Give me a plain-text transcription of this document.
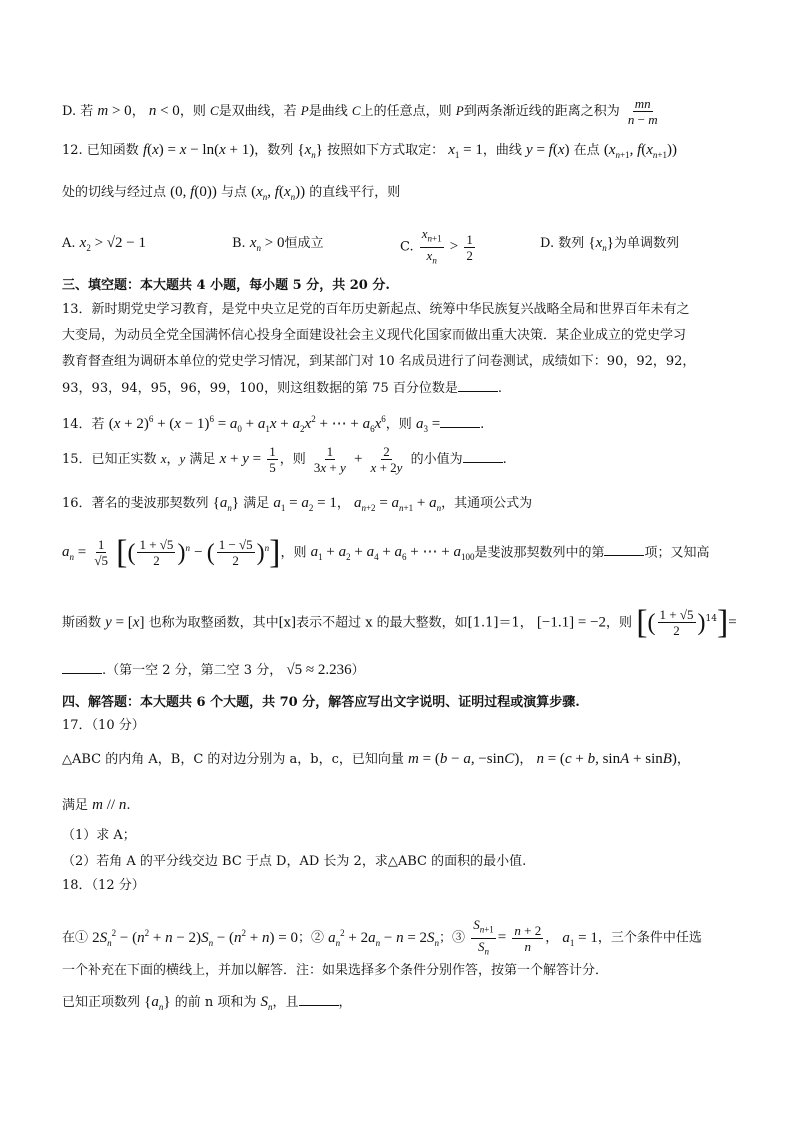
D. 若 m > 0， n < 0，则 C是双曲线，若 P是曲线 C上的任意点，则 P到两条渐近线的距离之积为 $\frac{mn}{n - m}$
12. 已知函数 f(x) = x − ln(x + 1)，数列 $\{x_n\}$ 按照如下方式取定： $x_1 = 1$，曲线 y = f(x) 在点 ($x_{n+1}$, $f(x_{n+1})$)
处的切线与经过点 (0, f(0)) 与点 ($x_n$, $f(x_n)$) 的直线平行，则
A. $x_2 > √2 - 1$	B. $x_n > 0$恒成立	C. $\frac{x_{n+1}}{x_n} > \frac{1}{2}$	D. 数列 $\{x_n\}$为单调数列
三、填空题：本大题共 4 小题，每小题 5 分，共 20 分.
13．新时期党史学习教育，是党中央立足党的百年历史新起点、统筹中华民族复兴战略全局和世界百年未有之
大变局，为动员全党全国满怀信心投身全面建设社会主义现代化国家而做出重大决策．某企业成立的党史学习
教育督查组为调研本单位的党史学习情况，到某部门对 10 名成员进行了问卷测试，成绩如下：90，92，92，
93，93，94，95，96，99，100，则这组数据的第 75 百分位数是	.
14．若 $(x + 2)^6 + (x - 1)^6 = a_0 + a_1x + a_2x^2$ + ⋯ + $a_6x^6$，则 $a_3$ =	.
15．已知正实数 x，y 满足 $x + y = \frac{1}{5}$ ，则 $\frac{1}{3x + y} + \frac{2}{x + 2y}$ 的小值为	.
16．著名的斐波那契数列 $\{a_n\}$ 满足 $a_1 = a_2 = 1$， $a_{n+2} = a_{n+1} + a_n$，其通项公式为
$a_n = \frac{1}{√5}$ [( $\frac{1 + √5}{2} )^n$ − ( $\frac{1 - √5}{2} )^n$]，则 $a_1 + a_2 + a_4 + a_6$ + ⋯ + $a_{100}$是斐波那契数列中的第	项；又知高
斯函数 y = [x] 也称为取整函数，其中[x]表示不超过 x 的最大整数，如[1.1]＝1， [−1.1] = −2，则 [( $\frac{1 + √5}{2} )^{14}]=$
.（第一空 2 分，第二空 3 分， √5 ≈ 2.236）
四、解答题：本大题共 6 个大题，共 70 分，解答应写出文字说明、证明过程或演算步骤.
17．（10 分）
△ABC 的内角 A，B，C 的对边分别为 a，b，c，已知向量 m = (b − a, −sinC)， n = (c + b, sinA + sinB)，
满足 m // n.
（1）求 A；
（2）若角 A 的平分线交边 BC 于点 D，AD 长为 2，求△ABC 的面积的最小值.
18．（12 分）
在① $2S_n^2 - (n^2 + n - 2)S_n - (n^2 + n) = 0$；② $a_n^2 + 2a_n - n = 2S_n$；③ $\frac{S_{n+1}}{S_n} = \frac{n + 2}{n}$ ， $a_1 = 1$，三个条件中任选
一个补充在下面的横线上，并加以解答．注：如果选择多个条件分别作答，按第一个解答计分．
已知正项数列 $\{a_n\}$ 的前 n 项和为 $S_n$，且	，
